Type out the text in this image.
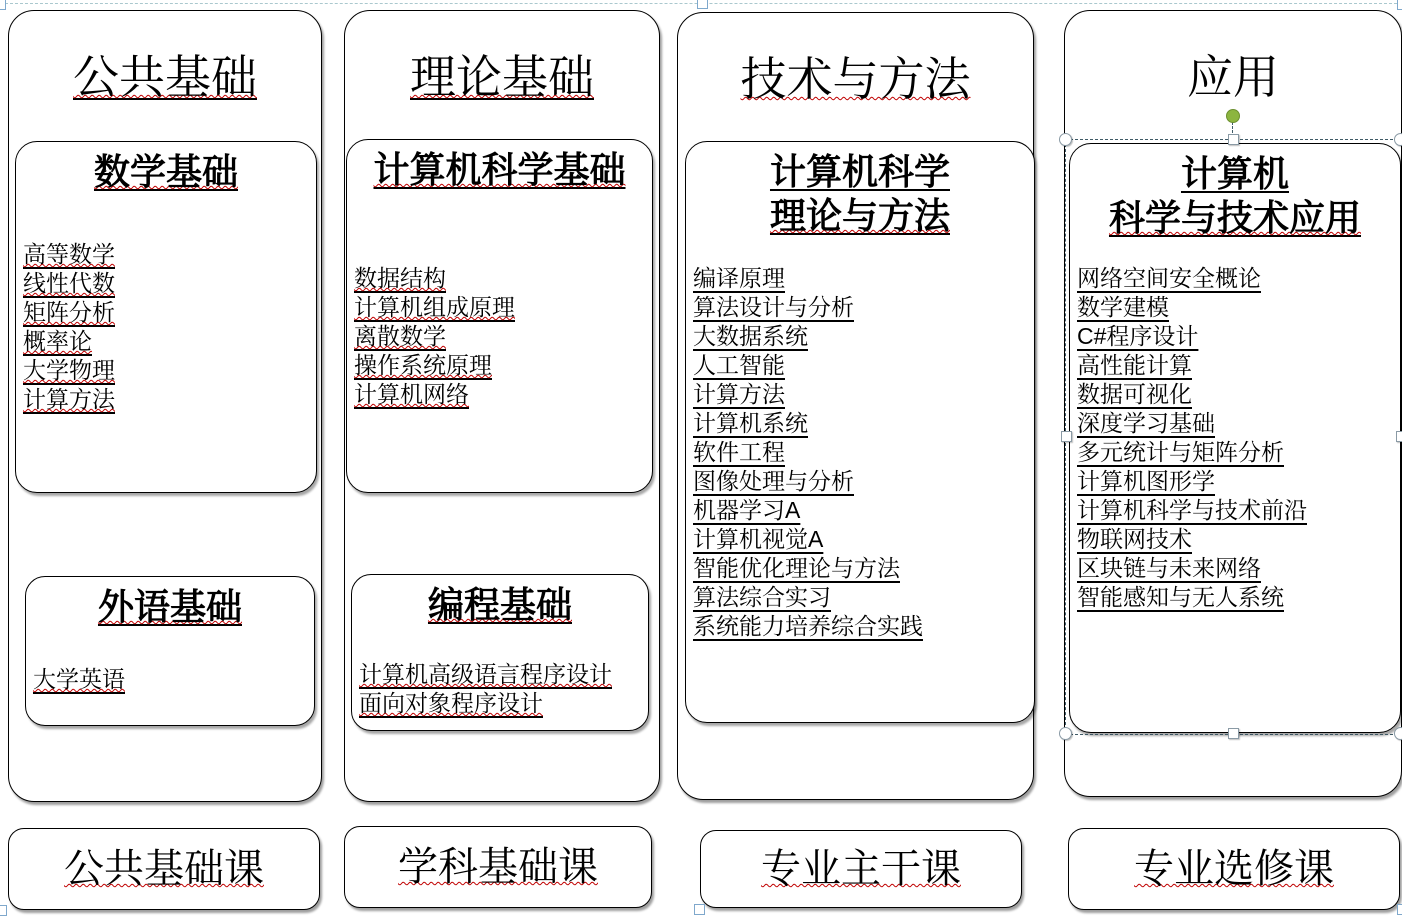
公共基础
数学基础
高等数学
线性代数
矩阵分析
概率论
大学物理
计算方法
外语基础
大学英语
公共基础课
理论基础
计算机科学基础
数据结构
计算机组成原理
离散数学
操作系统原理
计算机网络
编程基础
计算机高级语言程序设计
面向对象程序设计
学科基础课
技术与方法
计算机科学
理论与方法
编译原理
算法设计与分析
大数据系统
人工智能
计算方法
计算机系统
软件工程
图像处理与分析
机器学习A
计算机视觉A
智能优化理论与方法
算法综合实习
系统能力培养综合实践
专业主干课
应用
计算机
科学与技术应用
网络空间安全概论
数学建模
C#程序设计
高性能计算
数据可视化
深度学习基础
多元统计与矩阵分析
计算机图形学
计算机科学与技术前沿
物联网技术
区块链与未来网络
智能感知与无人系统
专业选修课
